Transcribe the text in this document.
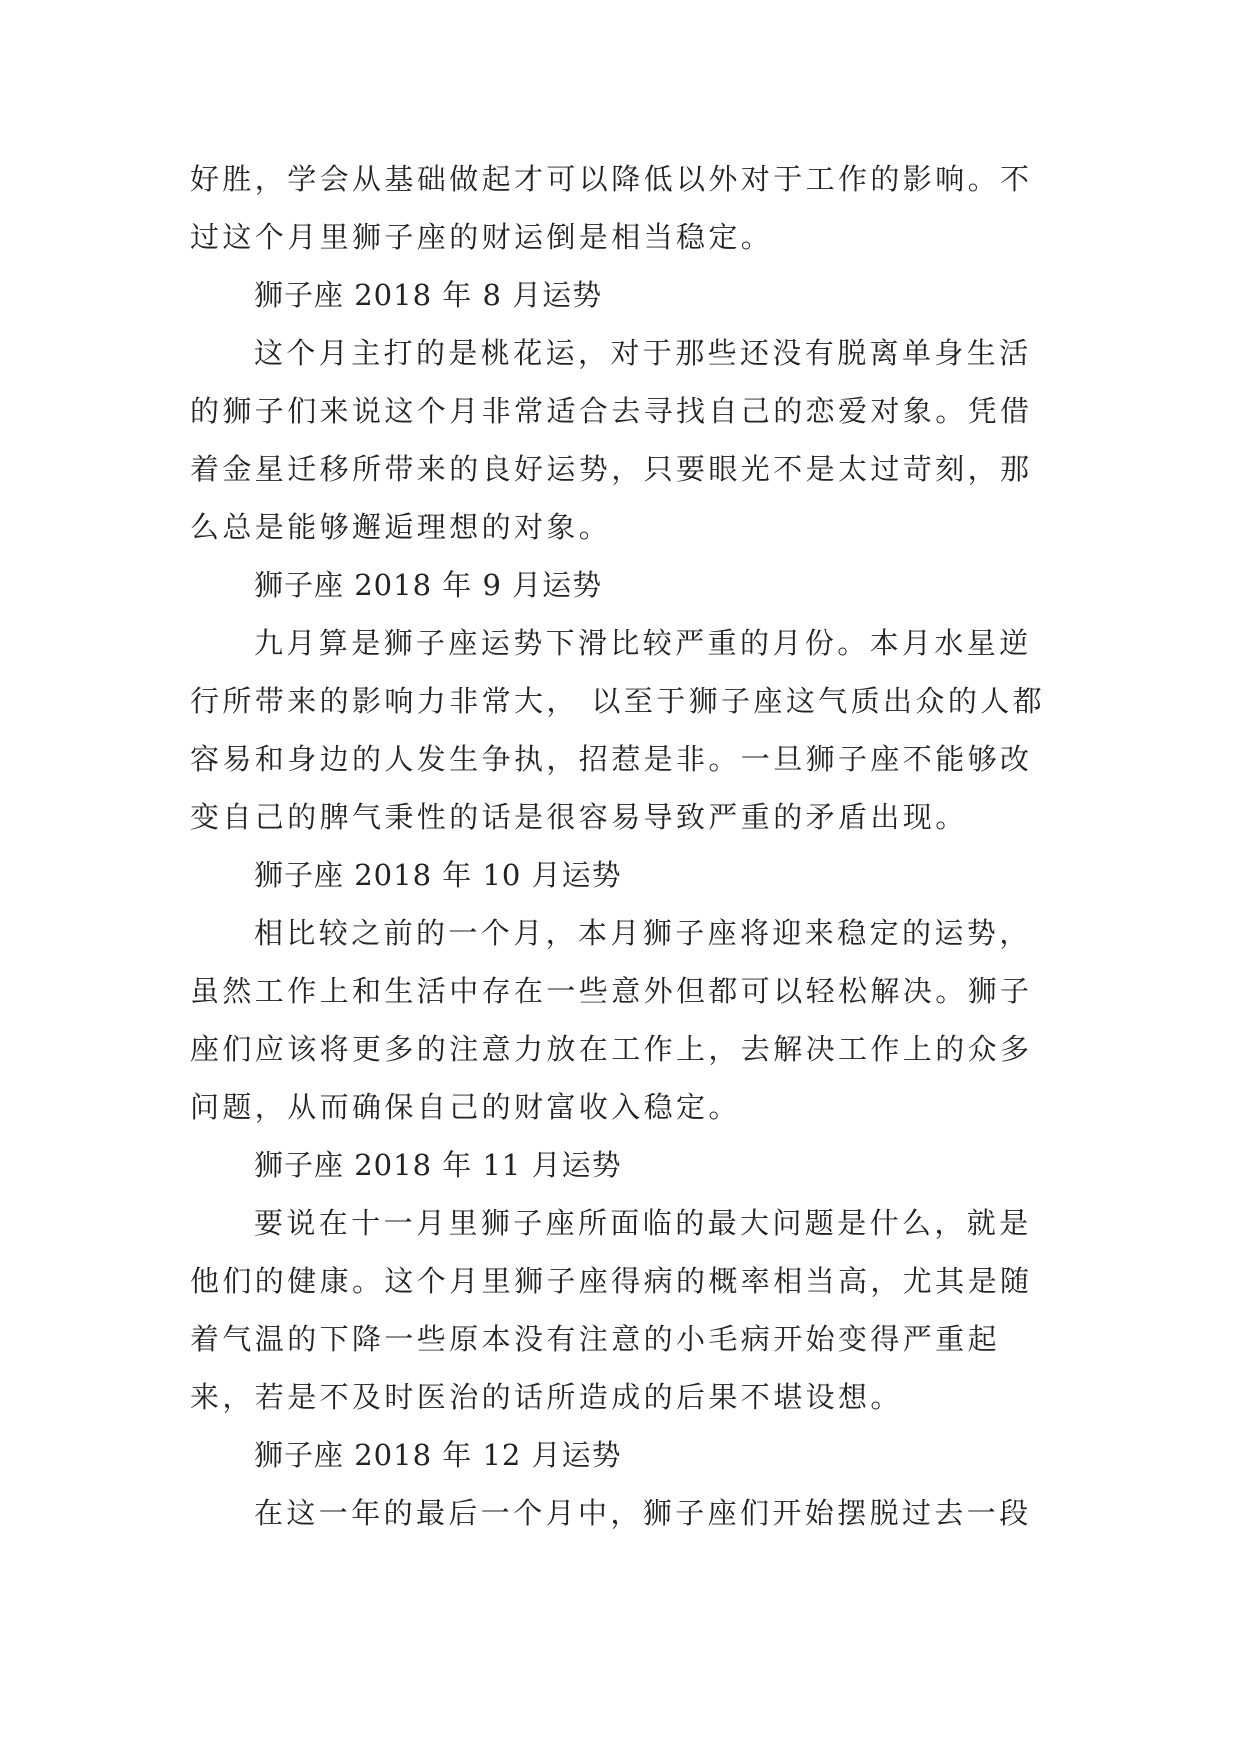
好胜，学会从基础做起才可以降低以外对于工作的影响。不过这个月里狮子座的财运倒是相当稳定。

狮子座 2018 年 8 月运势

这个月主打的是桃花运，对于那些还没有脱离单身生活的狮子们来说这个月非常适合去寻找自己的恋爱对象。凭借着金星迁移所带来的良好运势，只要眼光不是太过苛刻，那么总是能够邂逅理想的对象。

狮子座 2018 年 9 月运势

九月算是狮子座运势下滑比较严重的月份。本月水星逆行所带来的影响力非常大， 以至于狮子座这气质出众的人都容易和身边的人发生争执，招惹是非。一旦狮子座不能够改变自己的脾气秉性的话是很容易导致严重的矛盾出现。

狮子座 2018 年 10 月运势

相比较之前的一个月，本月狮子座将迎来稳定的运势，虽然工作上和生活中存在一些意外但都可以轻松解决。狮子座们应该将更多的注意力放在工作上，去解决工作上的众多问题，从而确保自己的财富收入稳定。

狮子座 2018 年 11 月运势

要说在十一月里狮子座所面临的最大问题是什么，就是他们的健康。这个月里狮子座得病的概率相当高，尤其是随着气温的下降一些原本没有注意的小毛病开始变得严重起来，若是不及时医治的话所造成的后果不堪设想。

狮子座 2018 年 12 月运势

在这一年的最后一个月中，狮子座们开始摆脱过去一段
